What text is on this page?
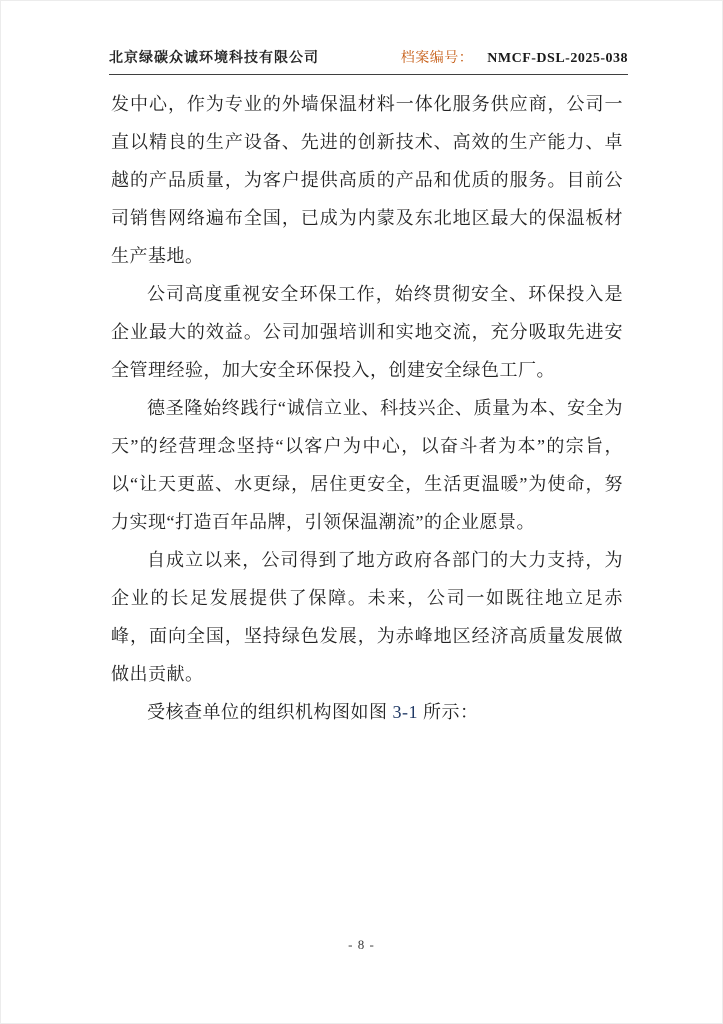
北京绿碳众诚环境科技有限公司	档案编号： NMCF-DSL-2025-038

发中心，作为专业的外墙保温材料一体化服务供应商，公司一直以精良的生产设备、先进的创新技术、高效的生产能力、卓越的产品质量，为客户提供高质的产品和优质的服务。目前公司销售网络遍布全国，已成为内蒙及东北地区最大的保温板材生产基地。

公司高度重视安全环保工作，始终贯彻安全、环保投入是企业最大的效益。公司加强培训和实地交流，充分吸取先进安全管理经验，加大安全环保投入，创建安全绿色工厂。

德圣隆始终践行“诚信立业、科技兴企、质量为本、安全为天”的经营理念坚持“以客户为中心，以奋斗者为本”的宗旨，以“让天更蓝、水更绿，居住更安全，生活更温暖”为使命，努力实现“打造百年品牌，引领保温潮流”的企业愿景。

自成立以来，公司得到了地方政府各部门的大力支持，为企业的长足发展提供了保障。未来，公司一如既往地立足赤峰，面向全国，坚持绿色发展，为赤峰地区经济高质量发展做做出贡献。

受核查单位的组织机构图如图 3-1 所示：

- 8 -
